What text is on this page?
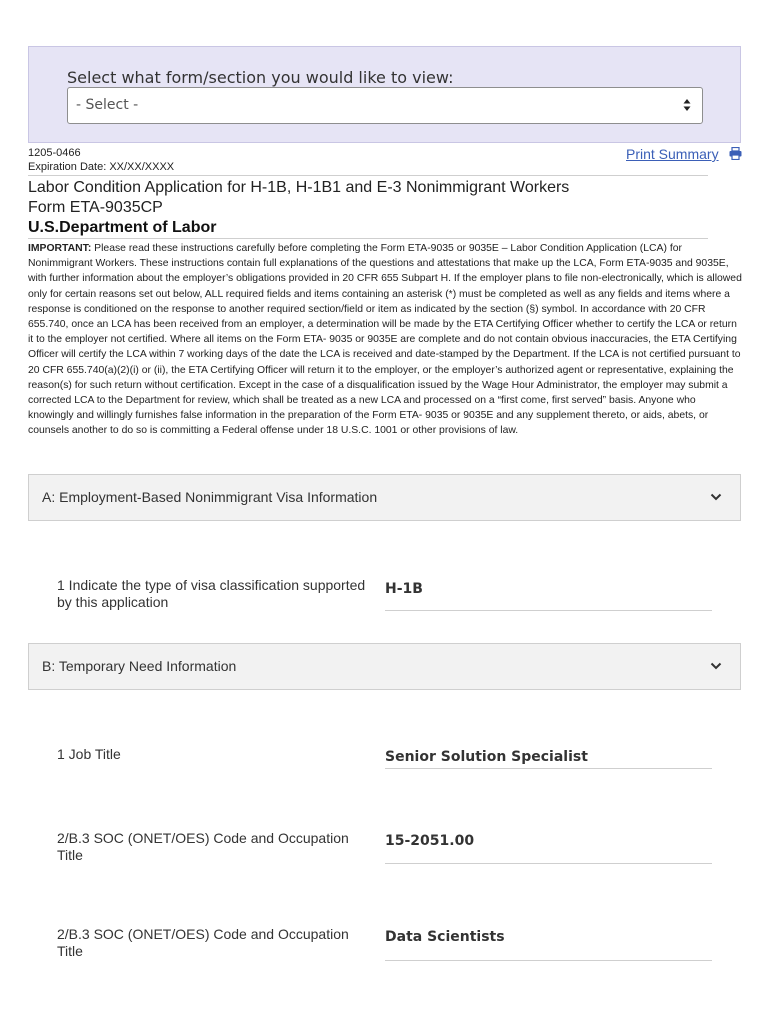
Select what form/section you would like to view:
- Select -
1205-0466
Expiration Date: XX/XX/XXXX
Print Summary
Labor Condition Application for H-1B, H-1B1 and E-3 Nonimmigrant Workers
Form ETA-9035CP
U.S.Department of Labor
IMPORTANT: Please read these instructions carefully before completing the Form ETA-9035 or 9035E – Labor Condition Application (LCA) for Nonimmigrant Workers. These instructions contain full explanations of the questions and attestations that make up the LCA, Form ETA-9035 and 9035E, with further information about the employer’s obligations provided in 20 CFR 655 Subpart H. If the employer plans to file non-electronically, which is allowed only for certain reasons set out below, ALL required fields and items containing an asterisk (*) must be completed as well as any fields and items where a response is conditioned on the response to another required section/field or item as indicated by the section (§) symbol. In accordance with 20 CFR 655.740, once an LCA has been received from an employer, a determination will be made by the ETA Certifying Officer whether to certify the LCA or return it to the employer not certified. Where all items on the Form ETA- 9035 or 9035E are complete and do not contain obvious inaccuracies, the ETA Certifying Officer will certify the LCA within 7 working days of the date the LCA is received and date-stamped by the Department. If the LCA is not certified pursuant to 20 CFR 655.740(a)(2)(i) or (ii), the ETA Certifying Officer will return it to the employer, or the employer’s authorized agent or representative, explaining the reason(s) for such return without certification. Except in the case of a disqualification issued by the Wage Hour Administrator, the employer may submit a corrected LCA to the Department for review, which shall be treated as a new LCA and processed on a “first come, first served” basis. Anyone who knowingly and willingly furnishes false information in the preparation of the Form ETA- 9035 or 9035E and any supplement thereto, or aids, abets, or counsels another to do so is committing a Federal offense under 18 U.S.C. 1001 or other provisions of law.
A: Employment-Based Nonimmigrant Visa Information
1 Indicate the type of visa classification supported by this application
H-1B
B: Temporary Need Information
1 Job Title	Senior Solution Specialist
2/B.3 SOC (ONET/OES) Code and Occupation Title
15-2051.00
2/B.3 SOC (ONET/OES) Code and Occupation Title
Data Scientists
